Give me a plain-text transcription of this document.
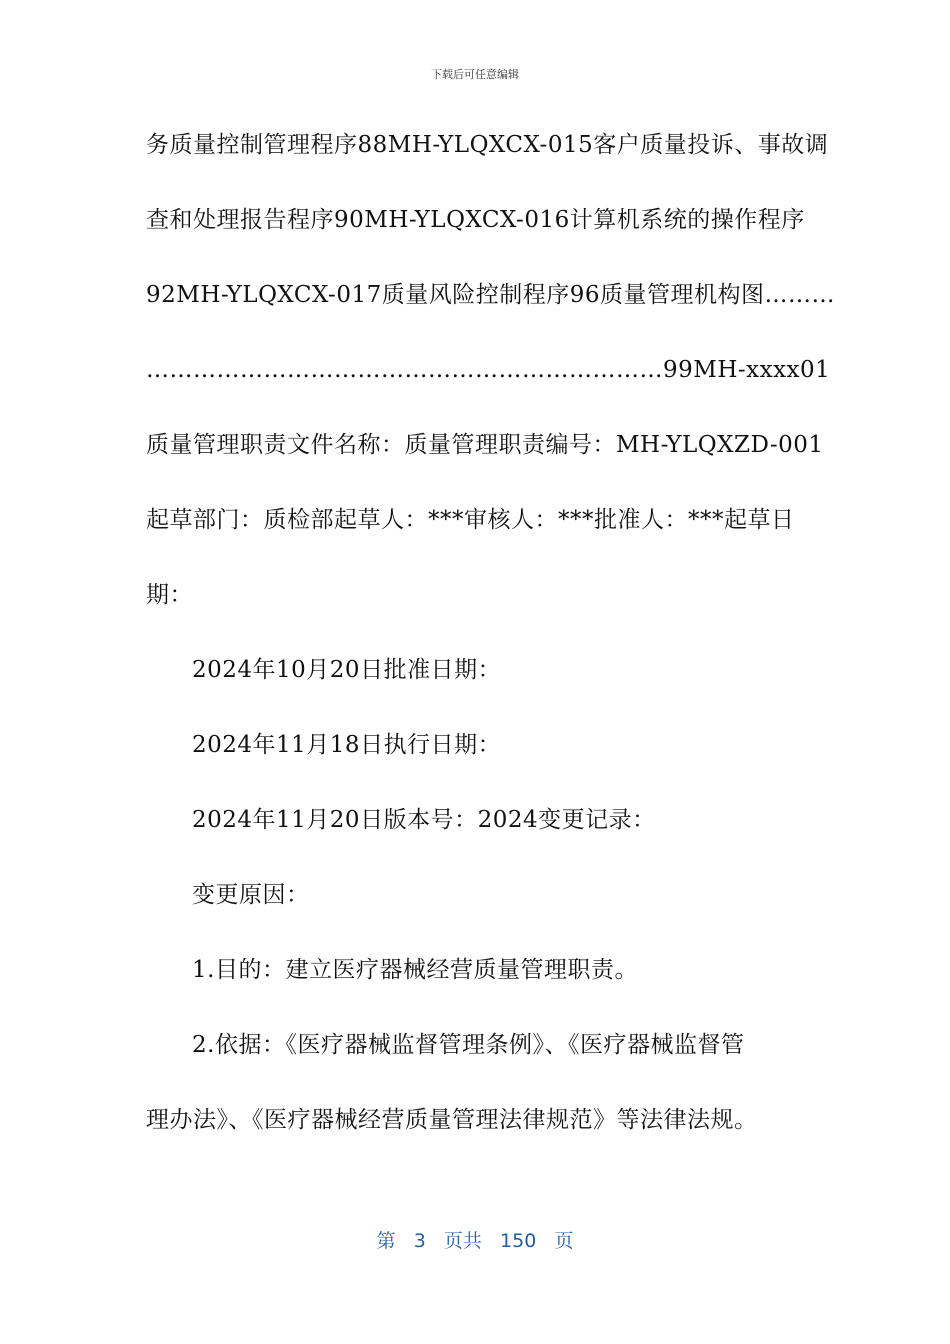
下载后可任意编辑
务质量控制管理程序88MH-YLQXCX-015客户质量投诉、事故调
查和处理报告程序90MH-YLQXCX-016计算机系统的操作程序
92MH-YLQXCX-017质量风险控制程序96质量管理机构图………
…………………………………………………………99MH-xxxx01
质量管理职责文件名称：质量管理职责编号：MH-YLQXZD-001
起草部门：质检部起草人：***审核人：***批准人：***起草日
期：
2024年10月20日批准日期：
2024年11月18日执行日期：
2024年11月20日版本号：2024变更记录：
变更原因：
1.目的：建立医疗器械经营质量管理职责。
2.依据：《医疗器械监督管理条例》、《医疗器械监督管
理办法》、《医疗器械经营质量管理法律规范》等法律法规。
第 3 页共 150 页
